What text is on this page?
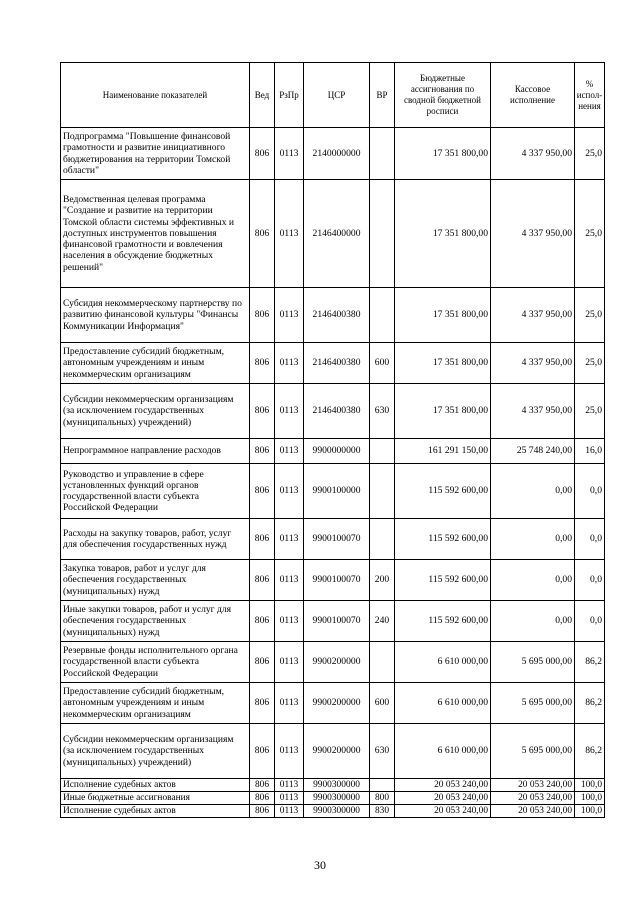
Наименование показателей	Вед	РзПр	ЦСР	ВР	Бюджетные ассигнования по сводной бюджетной росписи	Кассовое исполнение	% испол-нения
Подпрограмма "Повышение финансовой грамотности и развитие инициативного бюджетирования на территории Томской области"	806	0113	2140000000		17 351 800,00	4 337 950,00	25,0
Ведомственная целевая программа "Создание и развитие на территории Томской области системы эффективных и доступных инструментов повышения финансовой грамотности и вовлечения населения в обсуждение бюджетных решений"	806	0113	2146400000		17 351 800,00	4 337 950,00	25,0
Субсидия некоммерческому партнерству по развитию финансовой культуры "Финансы Коммуникации Информация"	806	0113	2146400380		17 351 800,00	4 337 950,00	25,0
Предоставление субсидий бюджетным, автономным учреждениям и иным некоммерческим организациям	806	0113	2146400380	600	17 351 800,00	4 337 950,00	25,0
Субсидии некоммерческим организациям (за исключением государственных (муниципальных) учреждений)	806	0113	2146400380	630	17 351 800,00	4 337 950,00	25,0
Непрограммное направление расходов	806	0113	9900000000		161 291 150,00	25 748 240,00	16,0
Руководство и управление в сфере установленных функций органов государственной власти субъекта Российской Федерации	806	0113	9900100000		115 592 600,00	0,00	0,0
Расходы на закупку товаров, работ, услуг для обеспечения государственных нужд	806	0113	9900100070		115 592 600,00	0,00	0,0
Закупка товаров, работ и услуг для обеспечения государственных (муниципальных) нужд	806	0113	9900100070	200	115 592 600,00	0,00	0,0
Иные закупки товаров, работ и услуг для обеспечения государственных (муниципальных) нужд	806	0113	9900100070	240	115 592 600,00	0,00	0,0
Резервные фонды исполнительного органа государственной власти субъекта Российской Федерации	806	0113	9900200000		6 610 000,00	5 695 000,00	86,2
Предоставление субсидий бюджетным, автономным учреждениям и иным некоммерческим организациям	806	0113	9900200000	600	6 610 000,00	5 695 000,00	86,2
Субсидии некоммерческим организациям (за исключением государственных (муниципальных) учреждений)	806	0113	9900200000	630	6 610 000,00	5 695 000,00	86,2
Исполнение судебных актов	806	0113	9900300000		20 053 240,00	20 053 240,00	100,0
Иные бюджетные ассигнования	806	0113	9900300000	800	20 053 240,00	20 053 240,00	100,0
Исполнение судебных актов	806	0113	9900300000	830	20 053 240,00	20 053 240,00	100,0
30
